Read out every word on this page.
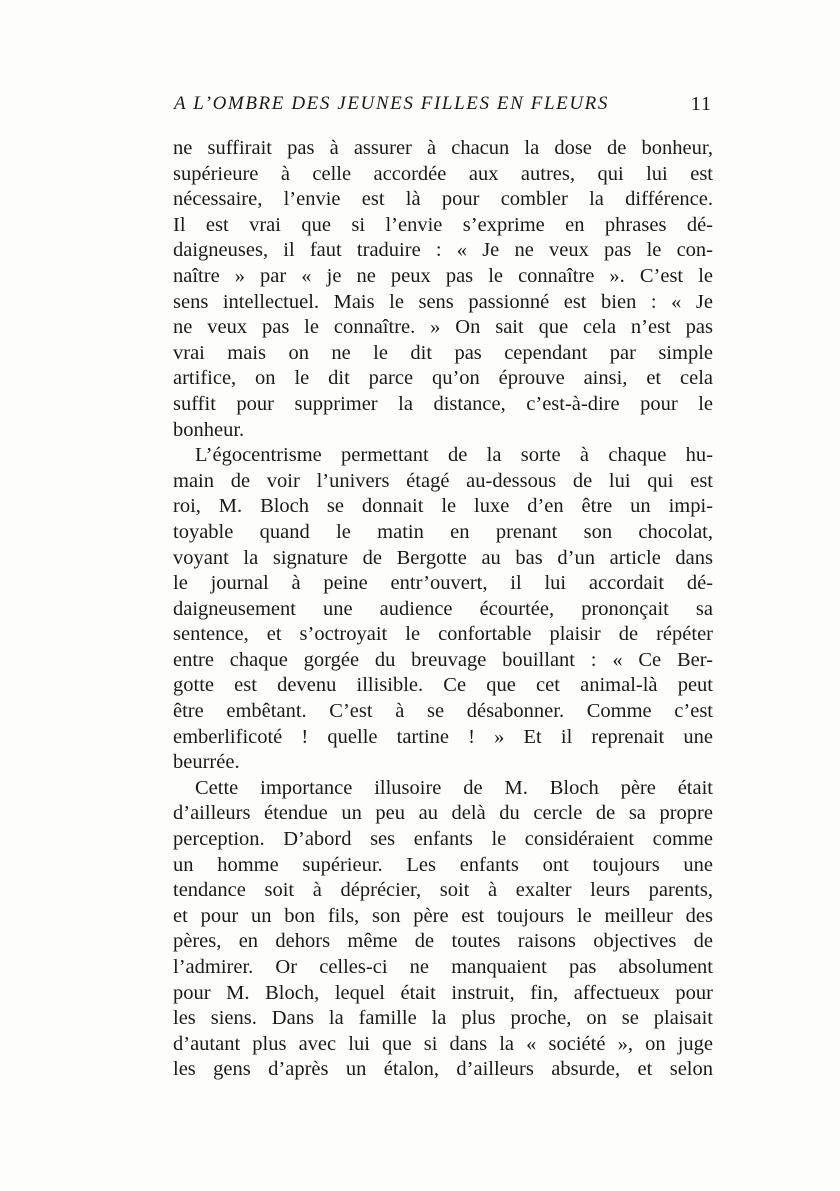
A L’OMBRE DES JEUNES FILLES EN FLEURS	11
ne suffirait pas à assurer à chacun la dose de bonheur,
supérieure à celle accordée aux autres, qui lui est
nécessaire, l’envie est là pour combler la différence.
Il est vrai que si l’envie s’exprime en phrases dé-
daigneuses, il faut traduire : « Je ne veux pas le con-
naître » par « je ne peux pas le connaître ». C’est le
sens intellectuel. Mais le sens passionné est bien : « Je
ne veux pas le connaître. » On sait que cela n’est pas
vrai mais on ne le dit pas cependant par simple
artifice, on le dit parce qu’on éprouve ainsi, et cela
suffit pour supprimer la distance, c’est-à-dire pour le
bonheur.
L’égocentrisme permettant de la sorte à chaque hu-
main de voir l’univers étagé au-dessous de lui qui est
roi, M. Bloch se donnait le luxe d’en être un impi-
toyable quand le matin en prenant son chocolat,
voyant la signature de Bergotte au bas d’un article dans
le journal à peine entr’ouvert, il lui accordait dé-
daigneusement une audience écourtée, prononçait sa
sentence, et s’octroyait le confortable plaisir de répéter
entre chaque gorgée du breuvage bouillant : « Ce Ber-
gotte est devenu illisible. Ce que cet animal-là peut
être embêtant. C’est à se désabonner. Comme c’est
emberlificoté ! quelle tartine ! » Et il reprenait une
beurrée.
Cette importance illusoire de M. Bloch père était
d’ailleurs étendue un peu au delà du cercle de sa propre
perception. D’abord ses enfants le considéraient comme
un homme supérieur. Les enfants ont toujours une
tendance soit à déprécier, soit à exalter leurs parents,
et pour un bon fils, son père est toujours le meilleur des
pères, en dehors même de toutes raisons objectives de
l’admirer. Or celles-ci ne manquaient pas absolument
pour M. Bloch, lequel était instruit, fin, affectueux pour
les siens. Dans la famille la plus proche, on se plaisait
d’autant plus avec lui que si dans la « société », on juge
les gens d’après un étalon, d’ailleurs absurde, et selon
